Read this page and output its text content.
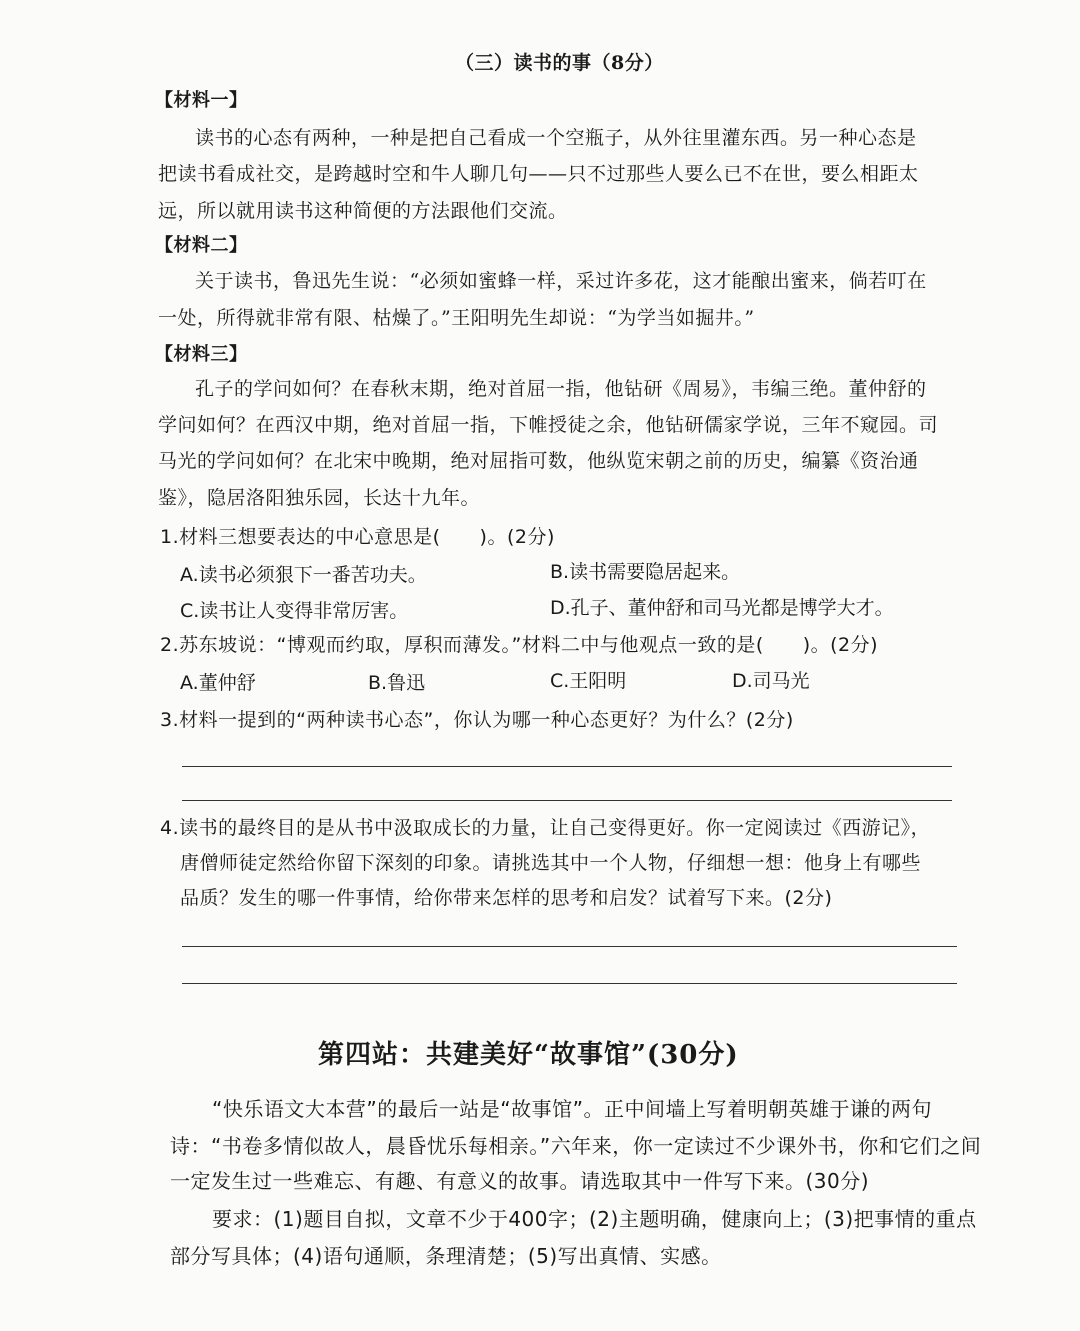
（三）读书的事（8分）
【材料一】
读书的心态有两种，一种是把自己看成一个空瓶子，从外往里灌东西。另一种心态是
把读书看成社交，是跨越时空和牛人聊几句——只不过那些人要么已不在世，要么相距太
远，所以就用读书这种简便的方法跟他们交流。
【材料二】
关于读书，鲁迅先生说：“必须如蜜蜂一样，采过许多花，这才能酿出蜜来，倘若叮在
一处，所得就非常有限、枯燥了。”王阳明先生却说：“为学当如掘井。”
【材料三】
孔子的学问如何？在春秋末期，绝对首屈一指，他钻研《周易》，韦编三绝。董仲舒的
学问如何？在西汉中期，绝对首屈一指，下帷授徒之余，他钻研儒家学说，三年不窥园。司
马光的学问如何？在北宋中晚期，绝对屈指可数，他纵览宋朝之前的历史，编纂《资治通
鉴》，隐居洛阳独乐园，长达十九年。
1.材料三想要表达的中心意思是(　　)。(2分)
A.读书必须狠下一番苦功夫。	B.读书需要隐居起来。
C.读书让人变得非常厉害。	D.孔子、董仲舒和司马光都是博学大才。
2.苏东坡说：“博观而约取，厚积而薄发。”材料二中与他观点一致的是(　　)。(2分)
A.董仲舒	B.鲁迅	C.王阳明	D.司马光
3.材料一提到的“两种读书心态”，你认为哪一种心态更好？为什么？(2分)
4.读书的最终目的是从书中汲取成长的力量，让自己变得更好。你一定阅读过《西游记》，
唐僧师徒定然给你留下深刻的印象。请挑选其中一个人物，仔细想一想：他身上有哪些
品质？发生的哪一件事情，给你带来怎样的思考和启发？试着写下来。(2分)
第四站：共建美好“故事馆”(30分)
“快乐语文大本营”的最后一站是“故事馆”。正中间墙上写着明朝英雄于谦的两句
诗：“书卷多情似故人，晨昏忧乐每相亲。”六年来，你一定读过不少课外书，你和它们之间
一定发生过一些难忘、有趣、有意义的故事。请选取其中一件写下来。(30分)
要求：(1)题目自拟，文章不少于400字；(2)主题明确，健康向上；(3)把事情的重点
部分写具体；(4)语句通顺，条理清楚；(5)写出真情、实感。
